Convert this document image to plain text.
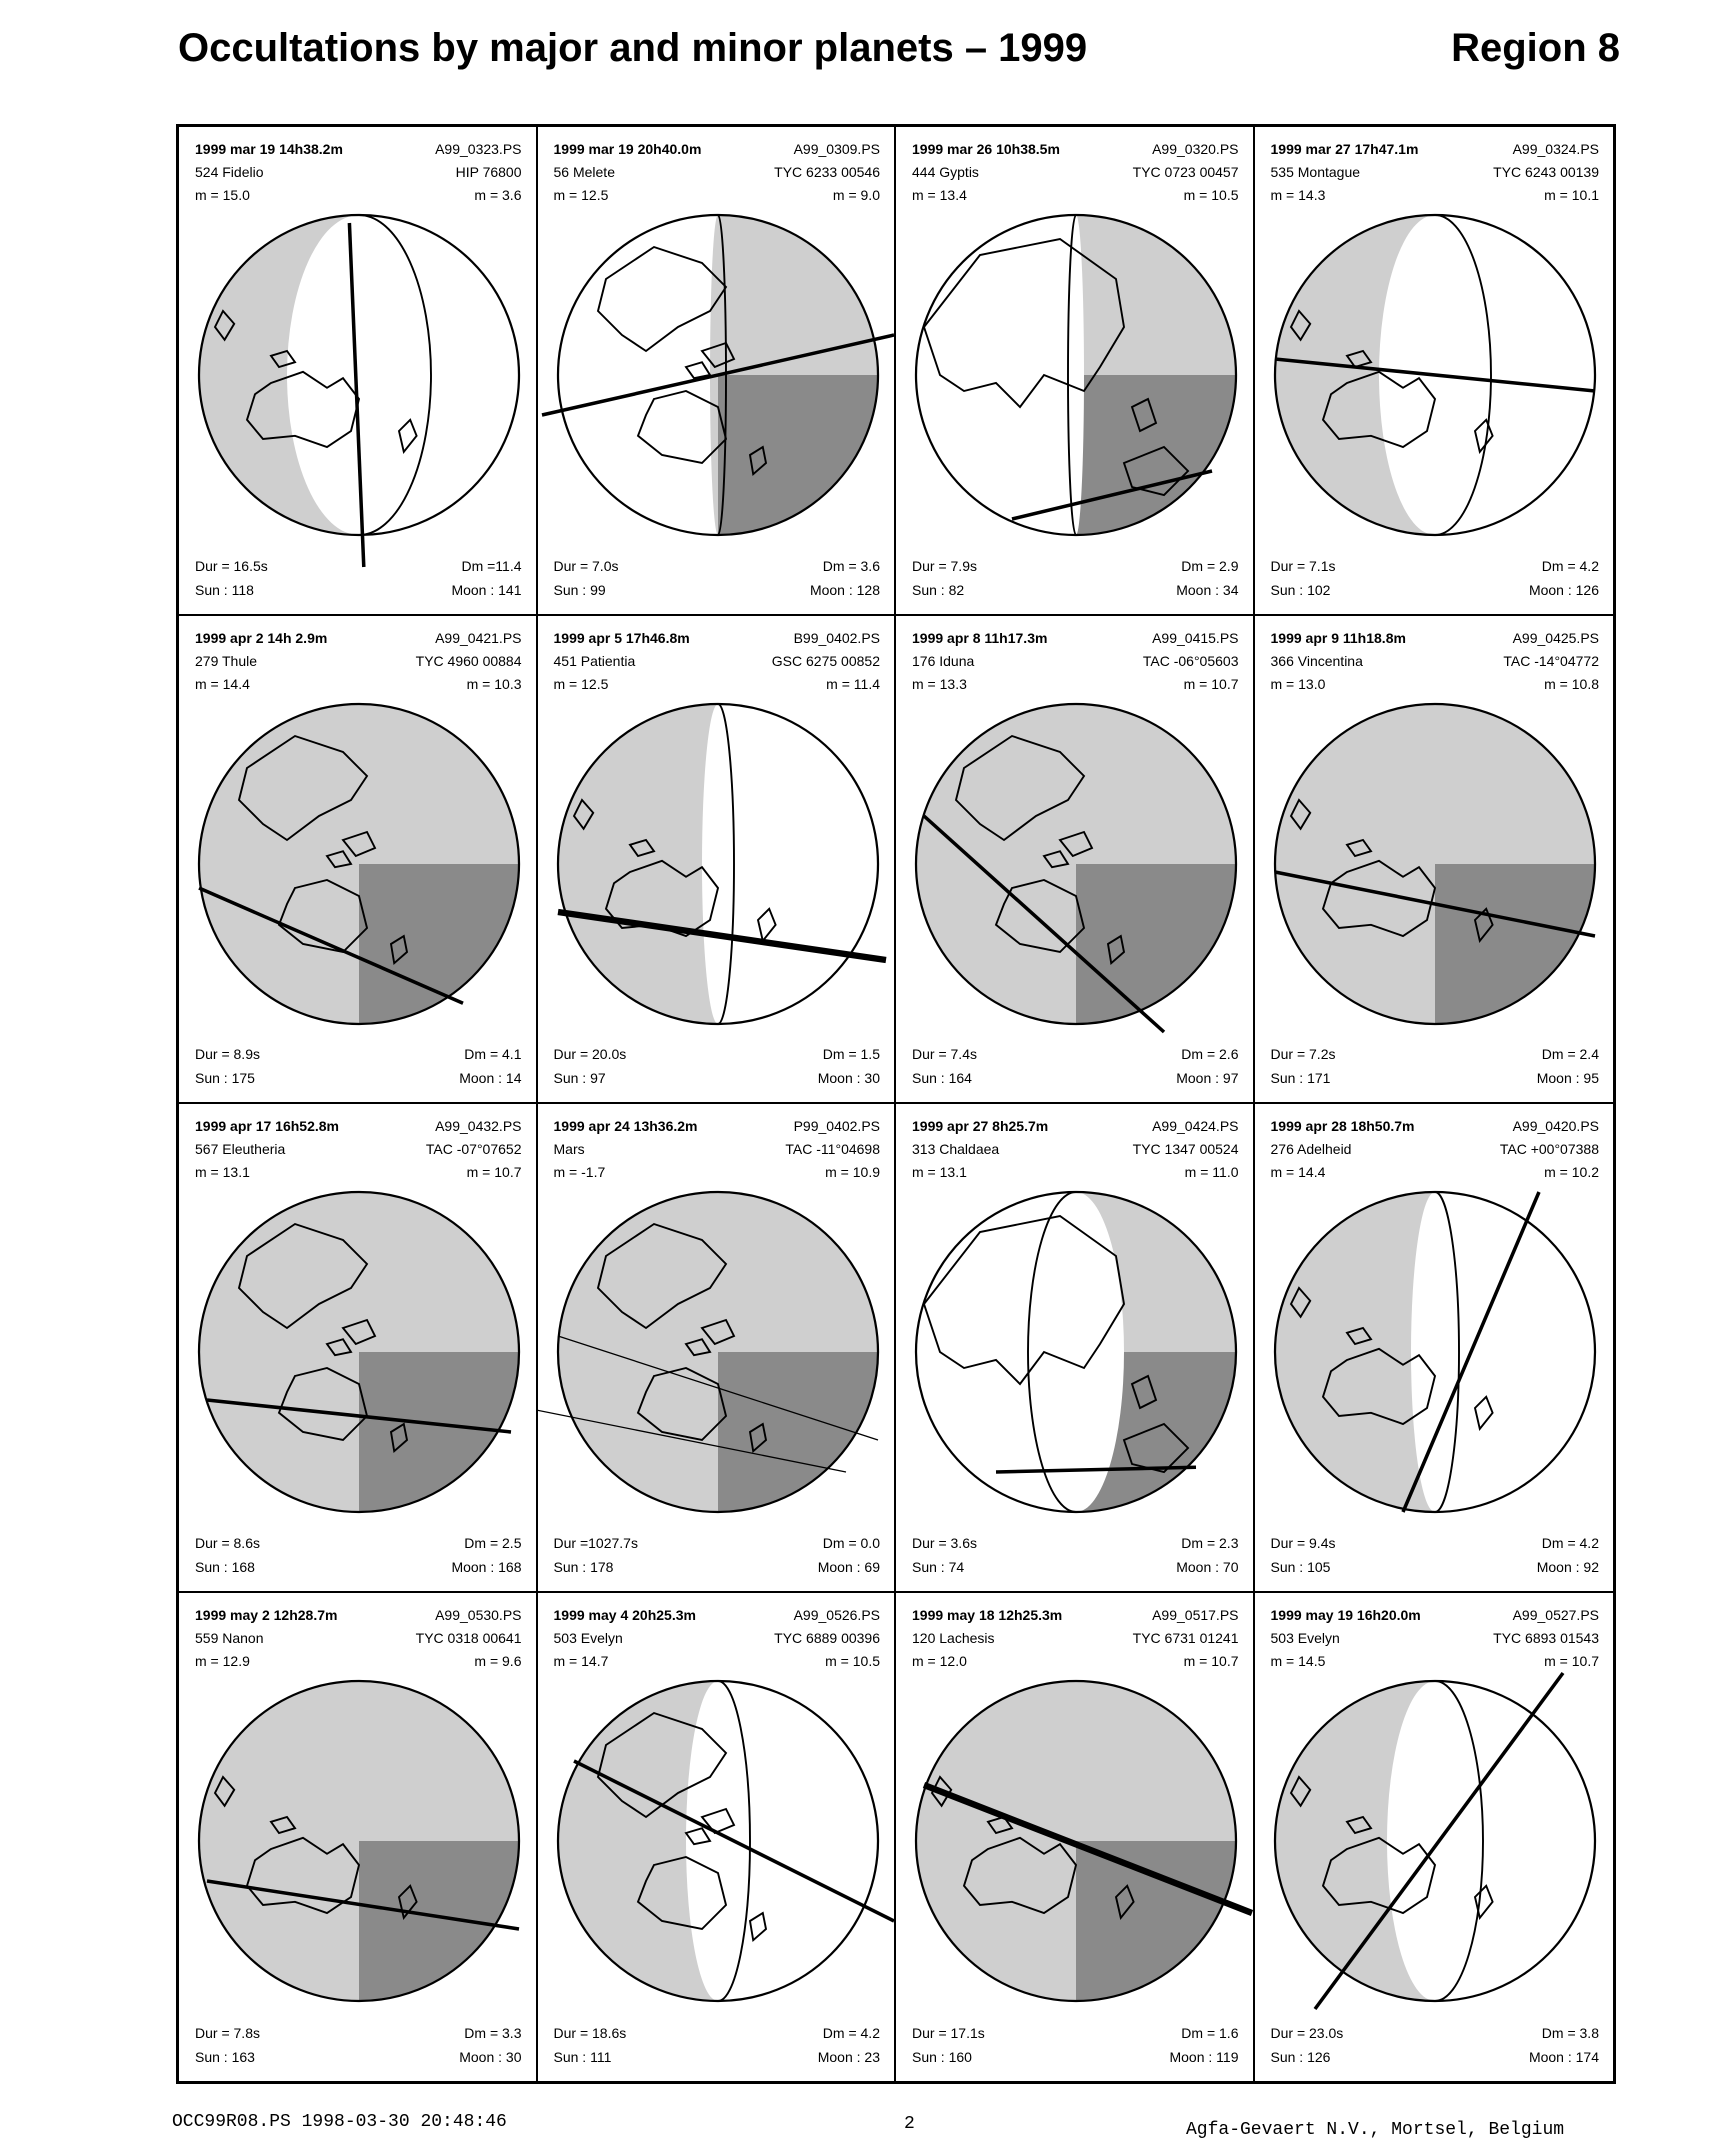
Occultations by major and minor planets – 1999	Region 8
1999 mar 19 14h38.2m	A99_0323.PS
524 Fidelio	HIP 76800
m = 15.0	m = 3.6
Dur = 16.5s	Dm =11.4
Sun : 118	Moon : 141
1999 mar 19 20h40.0m	A99_0309.PS
56 Melete	TYC 6233 00546
m = 12.5	m = 9.0
Dur = 7.0s	Dm = 3.6
Sun : 99	Moon : 128
1999 mar 26 10h38.5m	A99_0320.PS
444 Gyptis	TYC 0723 00457
m = 13.4	m = 10.5
Dur = 7.9s	Dm = 2.9
Sun : 82	Moon : 34
1999 mar 27 17h47.1m	A99_0324.PS
535 Montague	TYC 6243 00139
m = 14.3	m = 10.1
Dur = 7.1s	Dm = 4.2
Sun : 102	Moon : 126
1999 apr 2 14h 2.9m	A99_0421.PS
279 Thule	TYC 4960 00884
m = 14.4	m = 10.3
Dur = 8.9s	Dm = 4.1
Sun : 175	Moon : 14
1999 apr 5 17h46.8m	B99_0402.PS
451 Patientia	GSC 6275 00852
m = 12.5	m = 11.4
Dur = 20.0s	Dm = 1.5
Sun : 97	Moon : 30
1999 apr 8 11h17.3m	A99_0415.PS
176 Iduna	TAC -06°05603
m = 13.3	m = 10.7
Dur = 7.4s	Dm = 2.6
Sun : 164	Moon : 97
1999 apr 9 11h18.8m	A99_0425.PS
366 Vincentina	TAC -14°04772
m = 13.0	m = 10.8
Dur = 7.2s	Dm = 2.4
Sun : 171	Moon : 95
1999 apr 17 16h52.8m	A99_0432.PS
567 Eleutheria	TAC -07°07652
m = 13.1	m = 10.7
Dur = 8.6s	Dm = 2.5
Sun : 168	Moon : 168
1999 apr 24 13h36.2m	P99_0402.PS
Mars	TAC -11°04698
m = -1.7	m = 10.9
Dur =1027.7s	Dm = 0.0
Sun : 178	Moon : 69
1999 apr 27 8h25.7m	A99_0424.PS
313 Chaldaea	TYC 1347 00524
m = 13.1	m = 11.0
Dur = 3.6s	Dm = 2.3
Sun : 74	Moon : 70
1999 apr 28 18h50.7m	A99_0420.PS
276 Adelheid	TAC +00°07388
m = 14.4	m = 10.2
Dur = 9.4s	Dm = 4.2
Sun : 105	Moon : 92
1999 may 2 12h28.7m	A99_0530.PS
559 Nanon	TYC 0318 00641
m = 12.9	m = 9.6
Dur = 7.8s	Dm = 3.3
Sun : 163	Moon : 30
1999 may 4 20h25.3m	A99_0526.PS
503 Evelyn	TYC 6889 00396
m = 14.7	m = 10.5
Dur = 18.6s	Dm = 4.2
Sun : 111	Moon : 23
1999 may 18 12h25.3m	A99_0517.PS
120 Lachesis	TYC 6731 01241
m = 12.0	m = 10.7
Dur = 17.1s	Dm = 1.6
Sun : 160	Moon : 119
1999 may 19 16h20.0m	A99_0527.PS
503 Evelyn	TYC 6893 01543
m = 14.5	m = 10.7
Dur = 23.0s	Dm = 3.8
Sun : 126	Moon : 174
OCC99R08.PS 1998-03-30 20:48:46	2	Agfa-Gevaert N.V., Mortsel, Belgium
